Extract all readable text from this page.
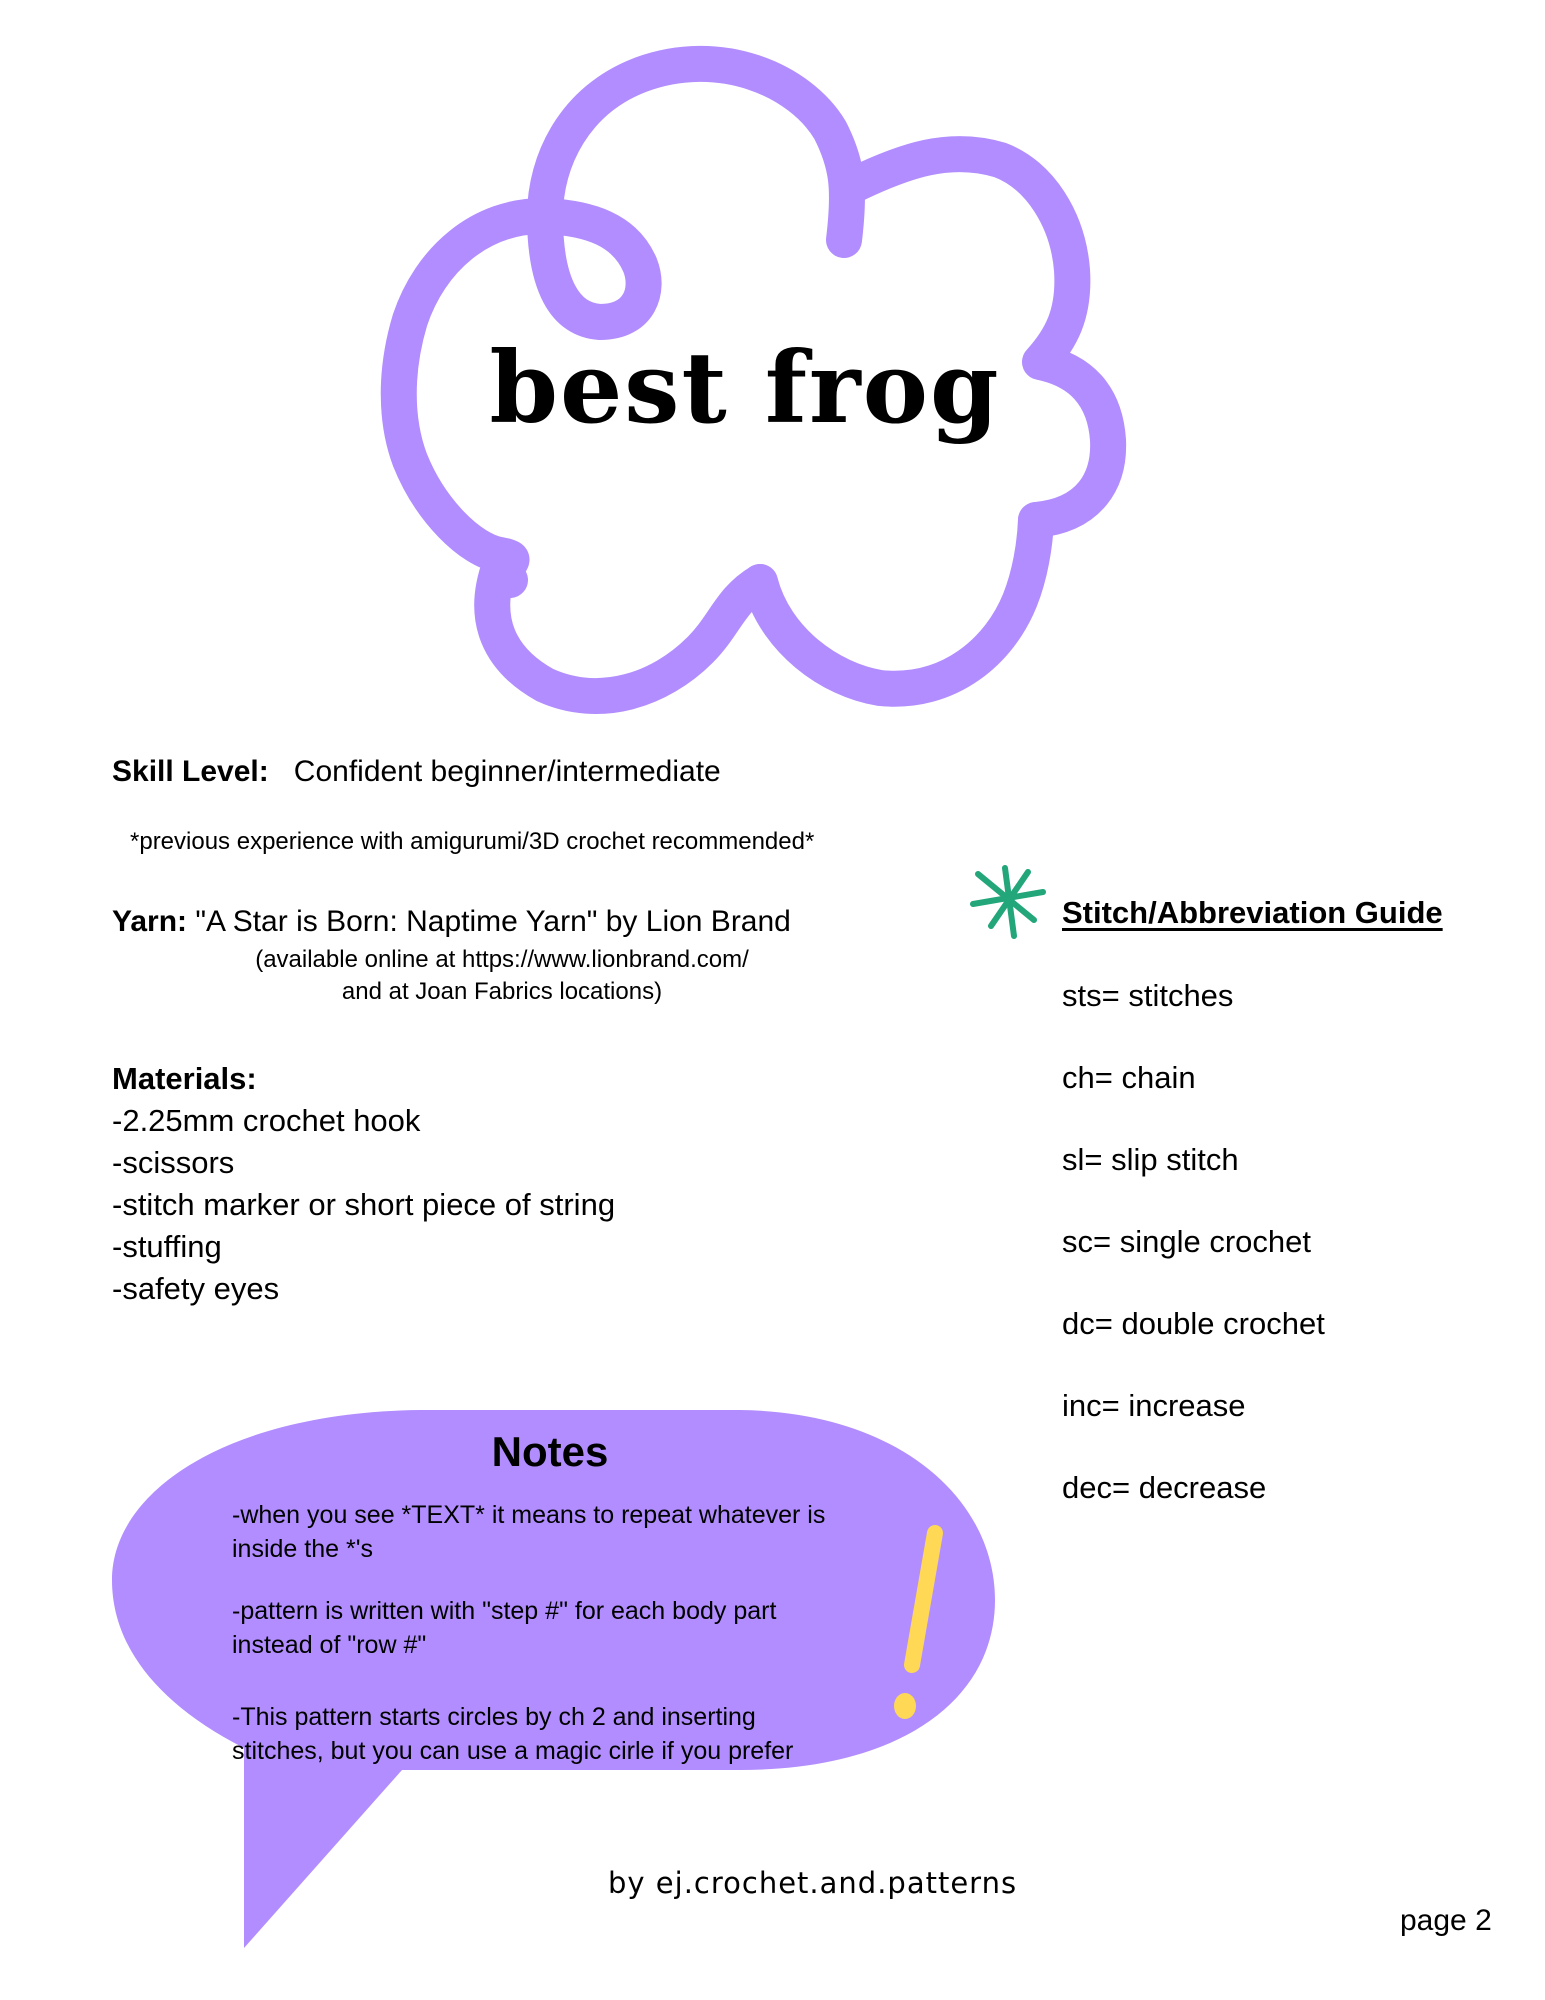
best frog
Skill Level: Confident beginner/intermediate
*previous experience with amigurumi/3D crochet recommended*
Yarn: "A Star is Born: Naptime Yarn" by Lion Brand
(available online at https://www.lionbrand.com/
and at Joan Fabrics locations)
Materials:
-2.25mm crochet hook
-scissors
-stitch marker or short piece of string
-stuffing
-safety eyes
Stitch/Abbreviation Guide
sts= stitches
ch= chain
sl= slip stitch
sc= single crochet
dc= double crochet
inc= increase
dec= decrease
Notes
-when you see *TEXT* it means to repeat whatever is inside the *'s
-pattern is written with "step #" for each body part instead of "row #"
-This pattern starts circles by ch 2 and inserting stitches, but you can use a magic cirle if you prefer
by ej.crochet.and.patterns
page 2
